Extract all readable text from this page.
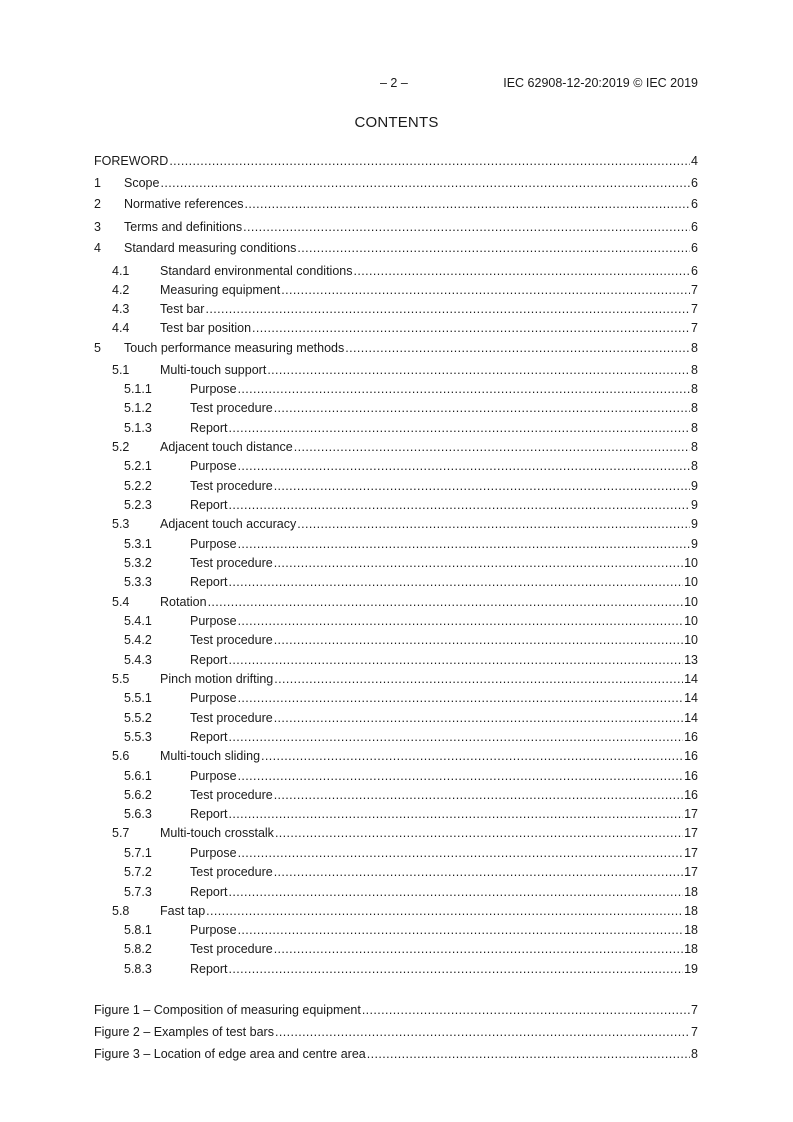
– 2 –	IEC 62908-12-20:2019 © IEC 2019
CONTENTS
FOREWORD .....	4
1	Scope .....	6
2	Normative references .....	6
3	Terms and definitions .....	6
4	Standard measuring conditions .....	6
4.1	Standard environmental conditions .....	6
4.2	Measuring equipment .....	7
4.3	Test bar .....	7
4.4	Test bar position .....	7
5	Touch performance measuring methods .....	8
5.1	Multi-touch support .....	8
5.1.1	Purpose .....	8
5.1.2	Test procedure .....	8
5.1.3	Report .....	8
5.2	Adjacent touch distance .....	8
5.2.1	Purpose .....	8
5.2.2	Test procedure .....	9
5.2.3	Report .....	9
5.3	Adjacent touch accuracy .....	9
5.3.1	Purpose .....	9
5.3.2	Test procedure .....	10
5.3.3	Report .....	10
5.4	Rotation .....	10
5.4.1	Purpose .....	10
5.4.2	Test procedure .....	10
5.4.3	Report .....	13
5.5	Pinch motion drifting .....	14
5.5.1	Purpose .....	14
5.5.2	Test procedure .....	14
5.5.3	Report .....	16
5.6	Multi-touch sliding .....	16
5.6.1	Purpose .....	16
5.6.2	Test procedure .....	16
5.6.3	Report .....	17
5.7	Multi-touch crosstalk .....	17
5.7.1	Purpose .....	17
5.7.2	Test procedure .....	17
5.7.3	Report .....	18
5.8	Fast tap .....	18
5.8.1	Purpose .....	18
5.8.2	Test procedure .....	18
5.8.3	Report .....	19
Figure 1 – Composition of measuring equipment .....	7
Figure 2 – Examples of test bars .....	7
Figure 3 – Location of edge area and centre area .....	8
